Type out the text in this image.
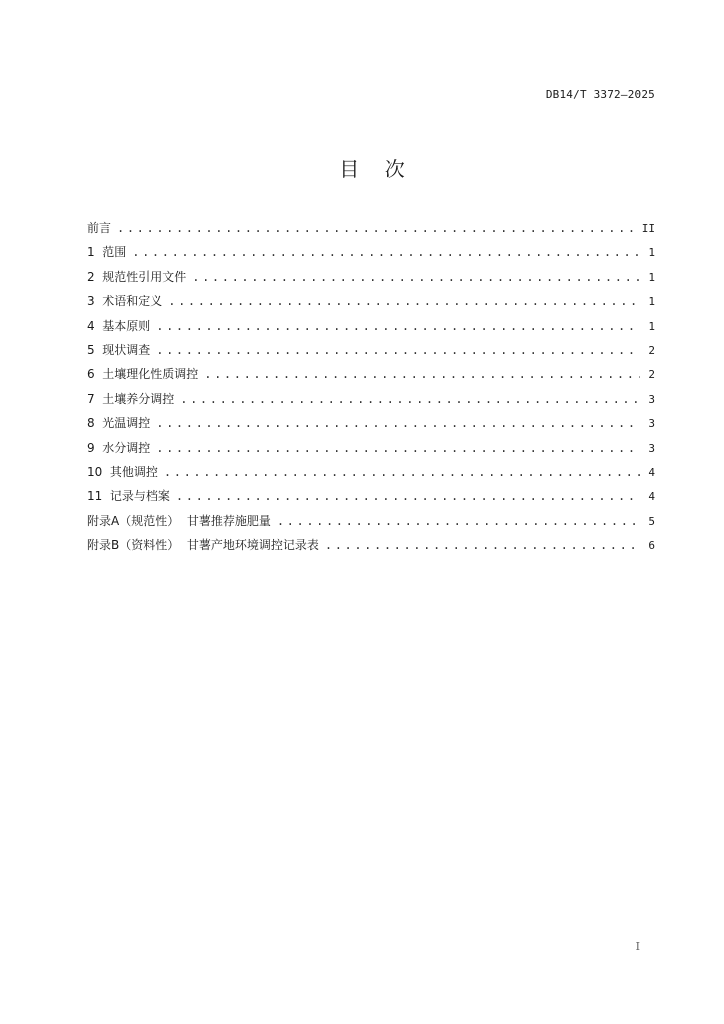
DB14/T 3372—2025
目    次
前言 .....	II
1 范围 .....	1
2 规范性引用文件 .....	1
3 术语和定义 .....	1
4 基本原则 .....	1
5 现状调查 .....	2
6 土壤理化性质调控 .....	2
7 土壤养分调控 .....	3
8 光温调控 .....	3
9 水分调控 .....	3
10 其他调控 .....	4
11 记录与档案 .....	4
附录A（规范性）  甘薯推荐施肥量 .....	5
附录B（资料性）  甘薯产地环境调控记录表 .....	6
I
